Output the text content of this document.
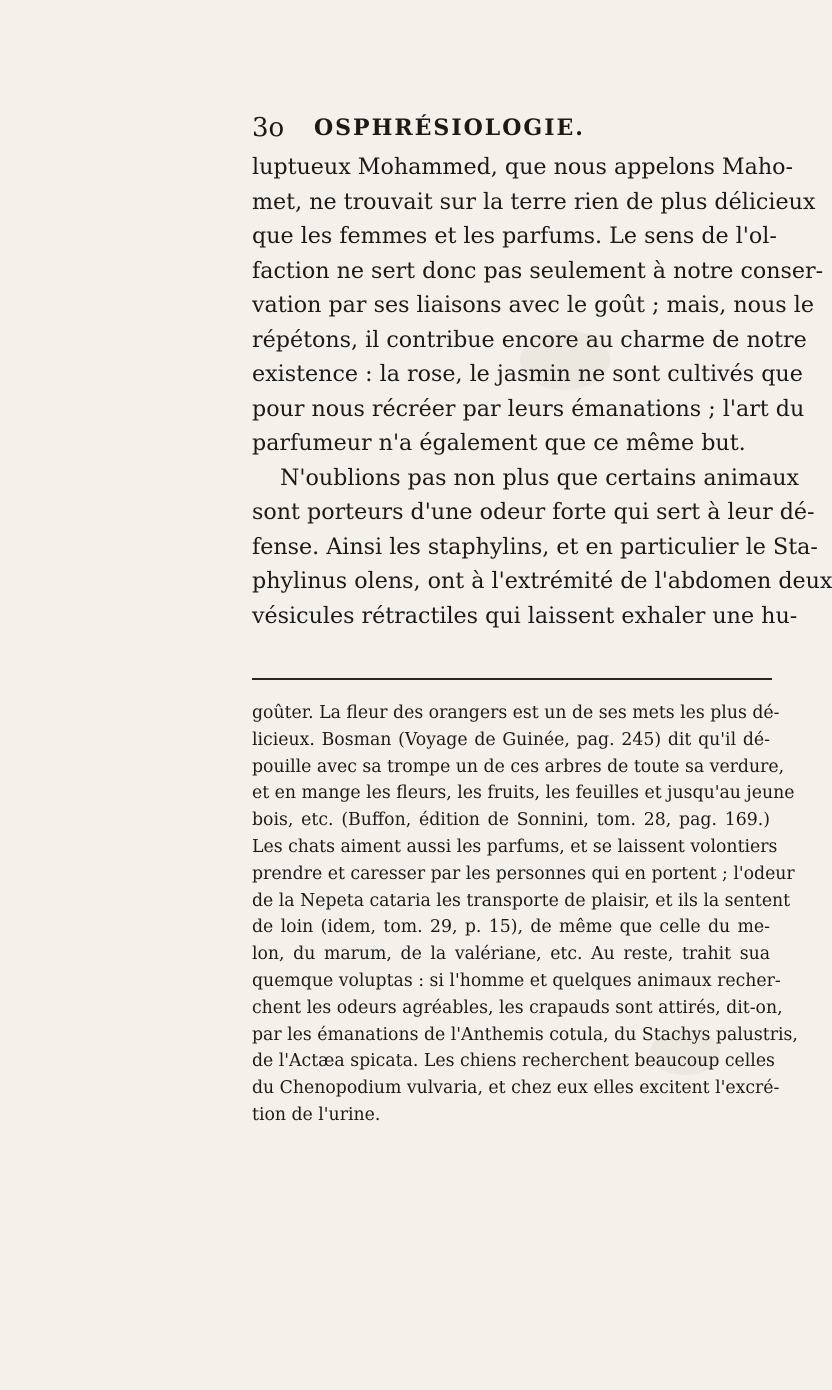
3o OSPHRÉSIOLOGIE.
luptueux Mohammed, que nous appelons Maho-
met, ne trouvait sur la terre rien de plus délicieux
que les femmes et les parfums. Le sens de l'ol-
faction ne sert donc pas seulement à notre conser-
vation par ses liaisons avec le goût ; mais, nous le
répétons, il contribue encore au charme de notre
existence : la rose, le jasmin ne sont cultivés que
pour nous récréer par leurs émanations ; l'art du
parfumeur n'a également que ce même but.
N'oublions pas non plus que certains animaux
sont porteurs d'une odeur forte qui sert à leur dé-
fense. Ainsi les staphylins, et en particulier le Sta-
phylinus olens, ont à l'extrémité de l'abdomen deux
vésicules rétractiles qui laissent exhaler une hu-
goûter. La fleur des orangers est un de ses mets les plus dé-
licieux. Bosman (Voyage de Guinée, pag. 245) dit qu'il dé-
pouille avec sa trompe un de ces arbres de toute sa verdure,
et en mange les fleurs, les fruits, les feuilles et jusqu'au jeune
bois, etc. (Buffon, édition de Sonnini, tom. 28, pag. 169.)
Les chats aiment aussi les parfums, et se laissent volontiers
prendre et caresser par les personnes qui en portent ; l'odeur
de la Nepeta cataria les transporte de plaisir, et ils la sentent
de loin (idem, tom. 29, p. 15), de même que celle du me-
lon, du marum, de la valériane, etc. Au reste, trahit sua
quemque voluptas : si l'homme et quelques animaux recher-
chent les odeurs agréables, les crapauds sont attirés, dit-on,
par les émanations de l'Anthemis cotula, du Stachys palustris,
de l'Actæa spicata. Les chiens recherchent beaucoup celles
du Chenopodium vulvaria, et chez eux elles excitent l'excré-
tion de l'urine.
